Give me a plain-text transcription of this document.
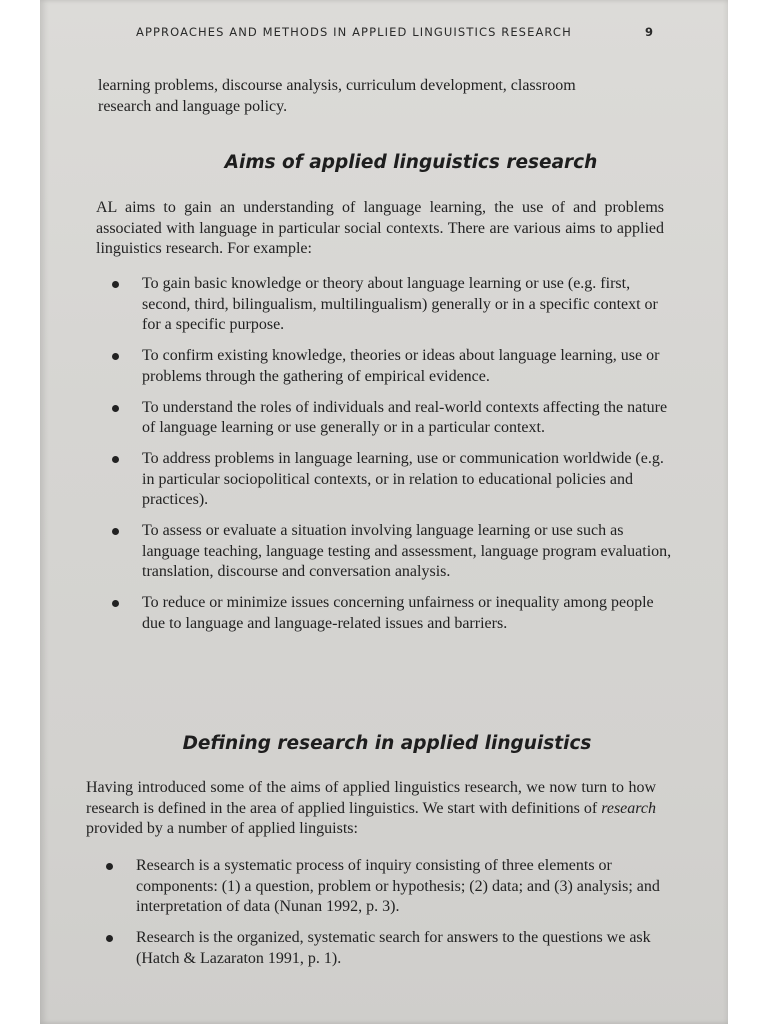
APPROACHES AND METHODS IN APPLIED LINGUISTICS RESEARCH	9

learning problems, discourse analysis, curriculum development, classroom
research and language policy.

Aims of applied linguistics research

AL aims to gain an understanding of language learning, the use of and problems associated with language in particular social contexts. There are various aims to applied linguistics research. For example:

To gain basic knowledge or theory about language learning or use (e.g. first, second, third, bilingualism, multilingualism) generally or in a specific context or for a specific purpose.
To confirm existing knowledge, theories or ideas about language learning, use or problems through the gathering of empirical evidence.
To understand the roles of individuals and real-world contexts affecting the nature of language learning or use generally or in a particular context.
To address problems in language learning, use or communication worldwide (e.g. in particular sociopolitical contexts, or in relation to educational policies and practices).
To assess or evaluate a situation involving language learning or use such as language teaching, language testing and assessment, language program evaluation, translation, discourse and conversation analysis.
To reduce or minimize issues concerning unfairness or inequality among people due to language and language-related issues and barriers.
Defining research in applied linguistics

Having introduced some of the aims of applied linguistics research, we now turn to how research is defined in the area of applied linguistics. We start with definitions of research provided by a number of applied linguists:

Research is a systematic process of inquiry consisting of three elements or components: (1) a question, problem or hypothesis; (2) data; and (3) analysis; and interpretation of data (Nunan 1992, p. 3).
Research is the organized, systematic search for answers to the questions we ask (Hatch & Lazaraton 1991, p. 1).
